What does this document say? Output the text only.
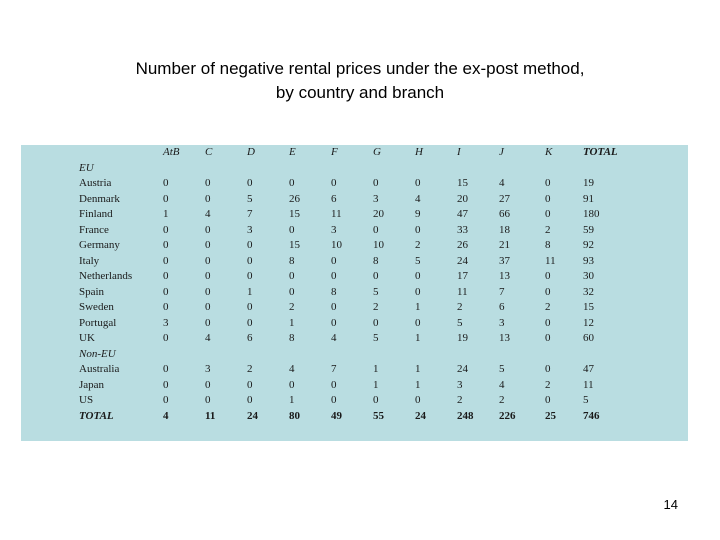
Number of negative rental prices under the ex-post method,
by country and branch
	AtB	C	D	E	F	G	H	I	J	K	TOTAL
EU											
Austria	0	0	0	0	0	0	0	15	4	0	19
Denmark	0	0	5	26	6	3	4	20	27	0	91
Finland	1	4	7	15	11	20	9	47	66	0	180
France	0	0	3	0	3	0	0	33	18	2	59
Germany	0	0	0	15	10	10	2	26	21	8	92
Italy	0	0	0	8	0	8	5	24	37	11	93
Netherlands	0	0	0	0	0	0	0	17	13	0	30
Spain	0	0	1	0	8	5	0	11	7	0	32
Sweden	0	0	0	2	0	2	1	2	6	2	15
Portugal	3	0	0	1	0	0	0	5	3	0	12
UK	0	4	6	8	4	5	1	19	13	0	60
Non-EU											
Australia	0	3	2	4	7	1	1	24	5	0	47
Japan	0	0	0	0	0	1	1	3	4	2	11
US	0	0	0	1	0	0	0	2	2	0	5
TOTAL	4	11	24	80	49	55	24	248	226	25	746
14
